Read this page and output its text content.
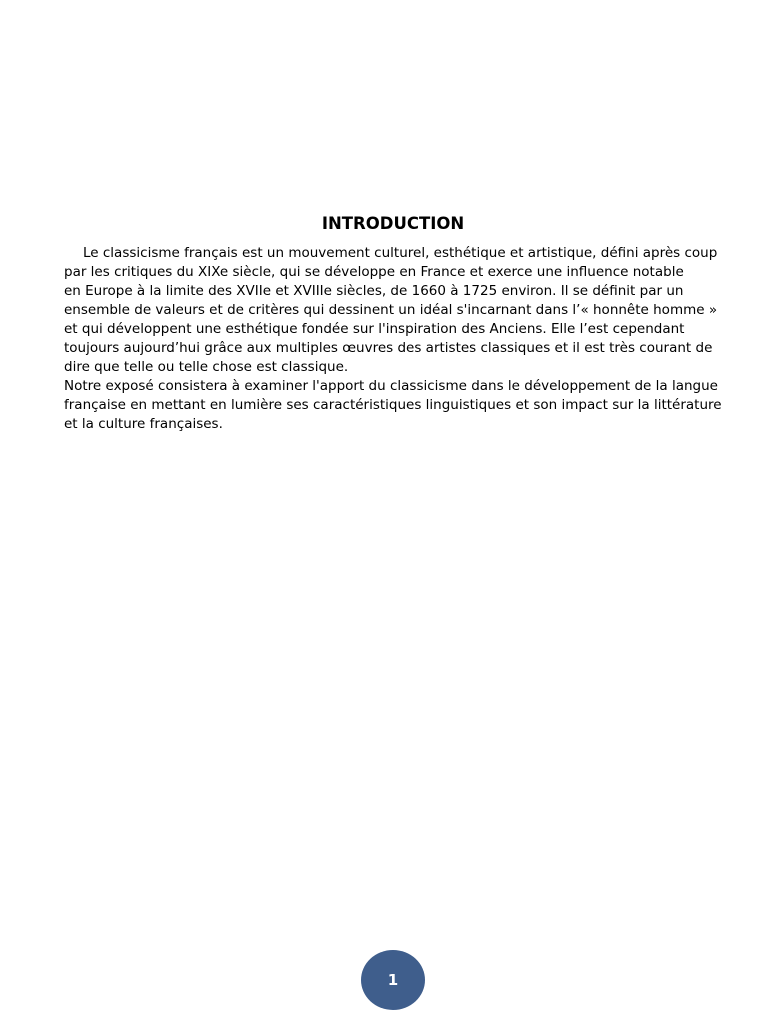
INTRODUCTION
Le classicisme français est un mouvement culturel, esthétique et artistique, défini après coup
par les critiques du XIXe siècle, qui se développe en France et exerce une influence notable
en Europe à la limite des XVIIe et XVIIIe siècles, de 1660 à 1725 environ. Il se définit par un
ensemble de valeurs et de critères qui dessinent un idéal s'incarnant dans l’« honnête homme »
et qui développent une esthétique fondée sur l'inspiration des Anciens. Elle l’est cependant
toujours aujourd’hui grâce aux multiples œuvres des artistes classiques et il est très courant de
dire que telle ou telle chose est classique.
Notre exposé consistera à examiner l'apport du classicisme dans le développement de la langue
française en mettant en lumière ses caractéristiques linguistiques et son impact sur la littérature
et la culture françaises.
1
